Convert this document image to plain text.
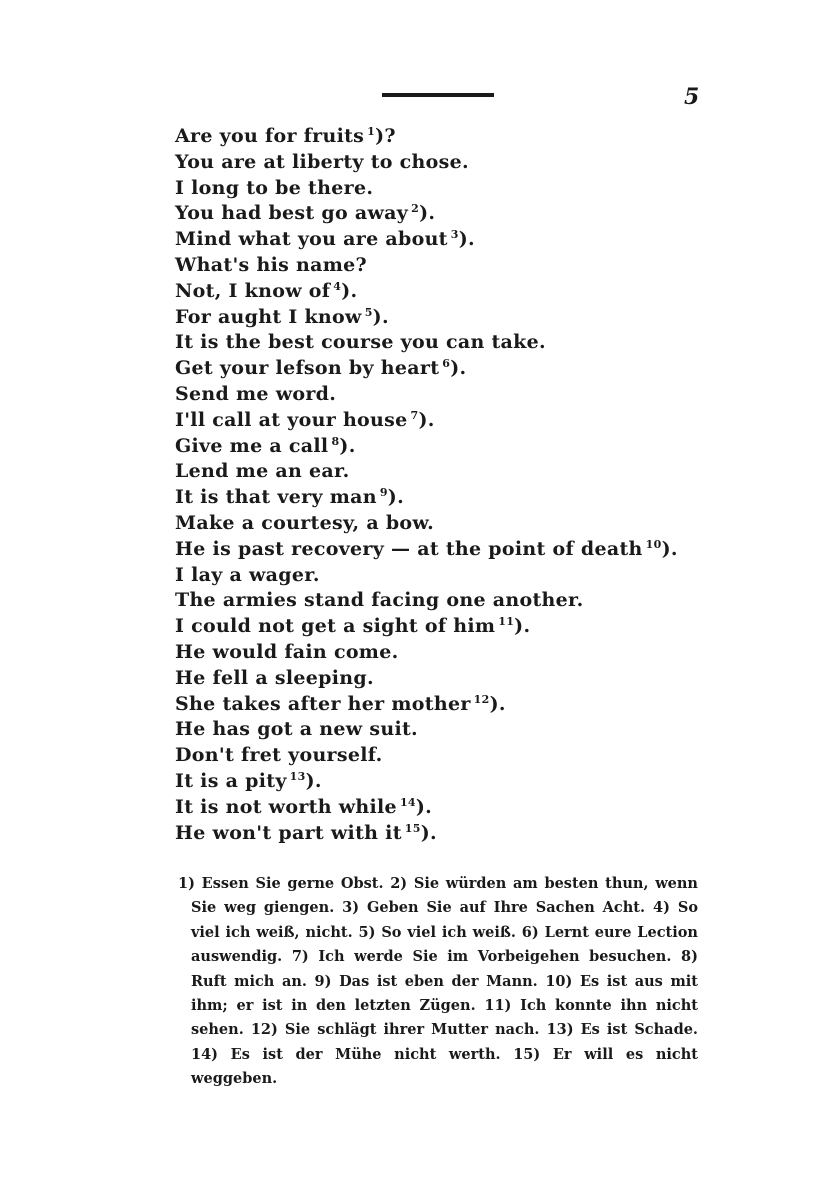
5
Are you for fruits $^1$)?
You are at liberty to chose.
I long to be there.
You had best go away $^2$).
Mind what you are about $^3$).
What's his name?
Not, I know of $^4$).
For aught I know $^5$).
It is the best course you can take.
Get your lefson by heart $^6$).
Send me word.
I'll call at your house $^7$).
Give me a call $^8$).
Lend me an ear.
It is that very man $^9$).
Make a courtesy, a bow.
He is past recovery — at the point of death $^{10}$).
I lay a wager.
The armies stand facing one another.
I could not get a sight of him $^{11}$).
He would fain come.
He fell a sleeping.
She takes after her mother $^{12}$).
He has got a new suit.
Don't fret yourself.
It is a pity $^{13}$).
It is not worth while $^{14}$).
He won't part with it $^{15}$).
1) Essen Sie gerne Obst. 2) Sie würden am besten thun, wenn Sie weg giengen. 3) Geben Sie auf Ihre Sachen Acht. 4) So viel ich weiß, nicht. 5) So viel ich weiß. 6) Lernt eure Lection auswendig. 7) Ich werde Sie im Vorbeigehen besuchen. 8) Ruft mich an. 9) Das ist eben der Mann. 10) Es ist aus mit ihm; er ist in den letzten Zügen. 11) Ich konnte ihn nicht sehen. 12) Sie schlägt ihrer Mutter nach. 13) Es ist Schade. 14) Es ist der Mühe nicht werth. 15) Er will es nicht weggeben.
